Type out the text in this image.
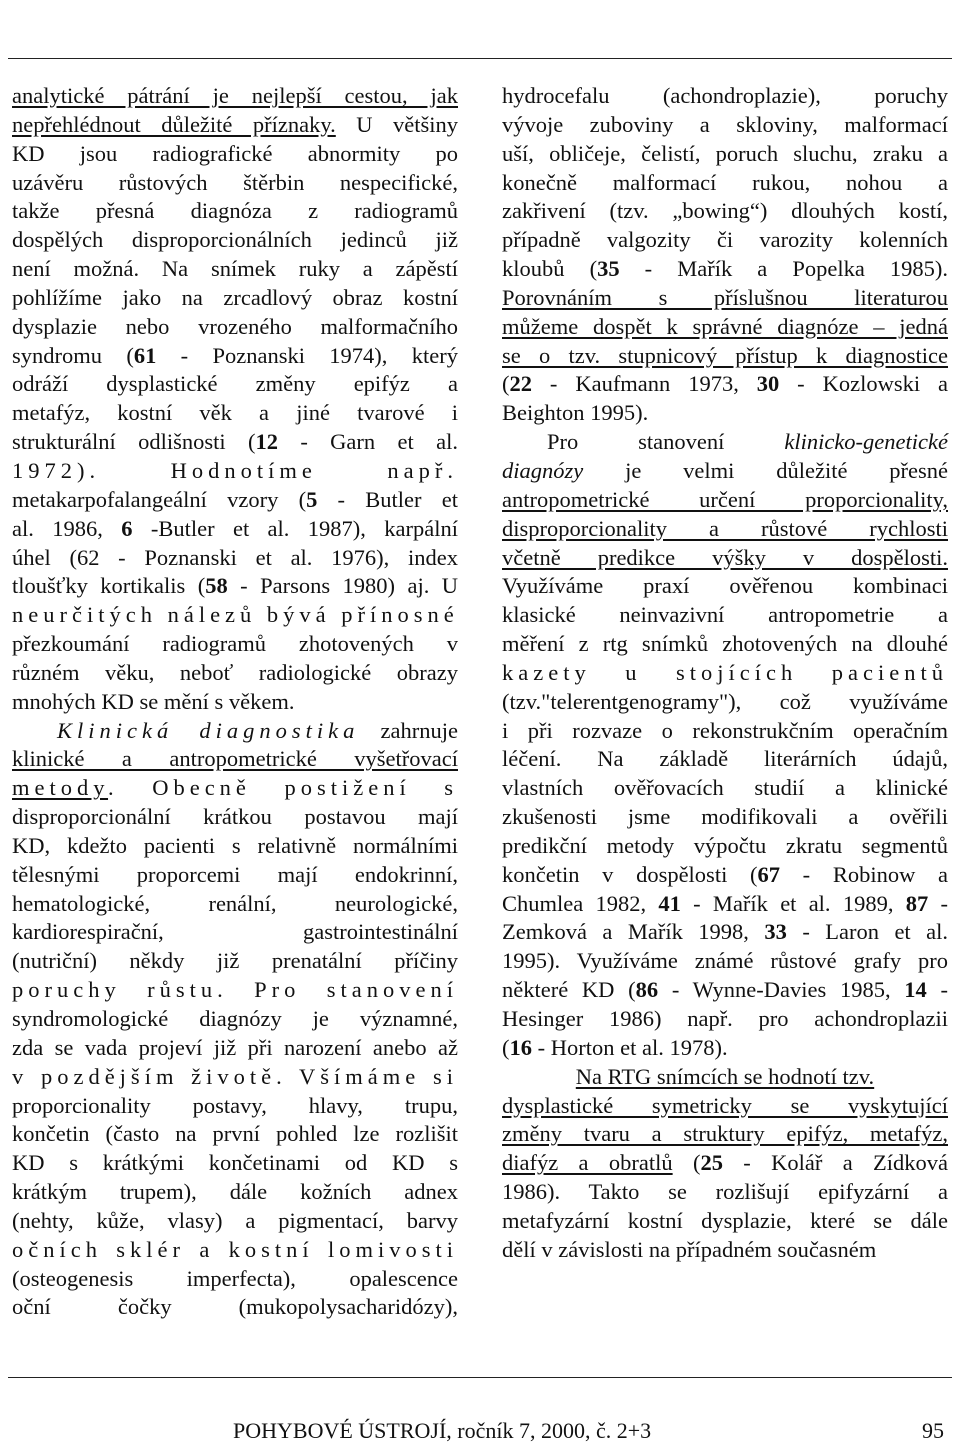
analytické pátrání je nejlepší cestou, jak
nepřehlédnout důležité příznaky. U většiny
KD jsou radiografické abnormity po
uzávěru růstových štěrbin nespecifické,
takže přesná diagnóza z radiogramů
dospělých disproporcionálních jedinců již
není možná. Na snímek ruky a zápěstí
pohlížíme jako na zrcadlový obraz kostní
dysplazie nebo vrozeného malformačního
syndromu (61 - Poznanski 1974), který
odráží dysplastické změny epifýz a
metafýz, kostní věk a jiné tvarové i
strukturální odlišnosti (12 - Garn et al.
1972). Hodnotíme např.
metakarpofalangeální vzory (5 - Butler et
al. 1986, 6 -Butler et al. 1987), karpální
úhel (62 - Poznanski et al. 1976), index
tloušťky kortikalis (58 - Parsons 1980) aj. U
neurčitých nálezů bývá přínosné
přezkoumání radiogramů zhotovených v
různém věku, neboť radiologické obrazy
mnohých KD se mění s věkem.
Klinická diagnostika zahrnuje
klinické a antropometrické vyšetřovací
metody. Obecně postižení s
disproporcionální krátkou postavou mají
KD, kdežto pacienti s relativně normálními
tělesnými proporcemi mají endokrinní,
hematologické, renální, neurologické,
kardiorespirační, gastrointestinální
(nutriční) někdy již prenatální příčiny
poruchy růstu. Pro stanovení
syndromologické diagnózy je významné,
zda se vada projeví již při narození anebo až
v pozdějším životě. Všímáme si
proporcionality postavy, hlavy, trupu,
končetin (často na první pohled lze rozlišit
KD s krátkými končetinami od KD s
krátkým trupem), dále kožních adnex
(nehty, kůže, vlasy) a pigmentací, barvy
očních sklér a kostní lomivosti
(osteogenesis imperfecta), opalescence
oční čočky (mukopolysacharidózy),
hydrocefalu (achondroplazie), poruchy
vývoje zuboviny a skloviny, malformací
uší, obličeje, čelistí, poruch sluchu, zraku a
konečně malformací rukou, nohou a
zakřivení (tzv. „bowing“) dlouhých kostí,
případně valgozity či varozity kolenních
kloubů (35 - Mařík a Popelka 1985).
Porovnáním s příslušnou literaturou
můžeme dospět k správné diagnóze – jedná
se o tzv. stupnicový přístup k diagnostice
(22 - Kaufmann 1973, 30 - Kozlowski a
Beighton 1995).
Pro stanovení klinicko-genetické
diagnózy je velmi důležité přesné
antropometrické určení proporcionality,
disproporcionality a růstové rychlosti
včetně predikce výšky v dospělosti.
Využíváme praxí ověřenou kombinaci
klasické neinvazivní antropometrie a
měření z rtg snímků zhotovených na dlouhé
kazety u stojících pacientů
(tzv."telerentgenogramy"), což využíváme
i při rozvaze o rekonstrukčním operačním
léčení. Na základě literárních údajů,
vlastních ověřovacích studií a klinické
zkušenosti jsme modifikovali a ověřili
predikční metody výpočtu zkratu segmentů
končetin v dospělosti (67 - Robinow a
Chumlea 1982, 41 - Mařík et al. 1989, 87 -
Zemková a Mařík 1998, 33 - Laron et al.
1995). Využíváme známé růstové grafy pro
některé KD (86 - Wynne-Davies 1985, 14 -
Hesinger 1986) např. pro achondroplazii
(16 - Horton et al. 1978).
Na RTG snímcích se hodnotí tzv.
dysplastické symetricky se vyskytující
změny tvaru a struktury epifýz, metafýz,
diafýz a obratlů (25 - Kolář a Zídková
1986). Takto se rozlišují epifyzární a
metafyzární kostní dysplazie, které se dále
dělí v závislosti na případném současném
POHYBOVÉ ÚSTROJÍ, ročník 7, 2000, č. 2+3	95
